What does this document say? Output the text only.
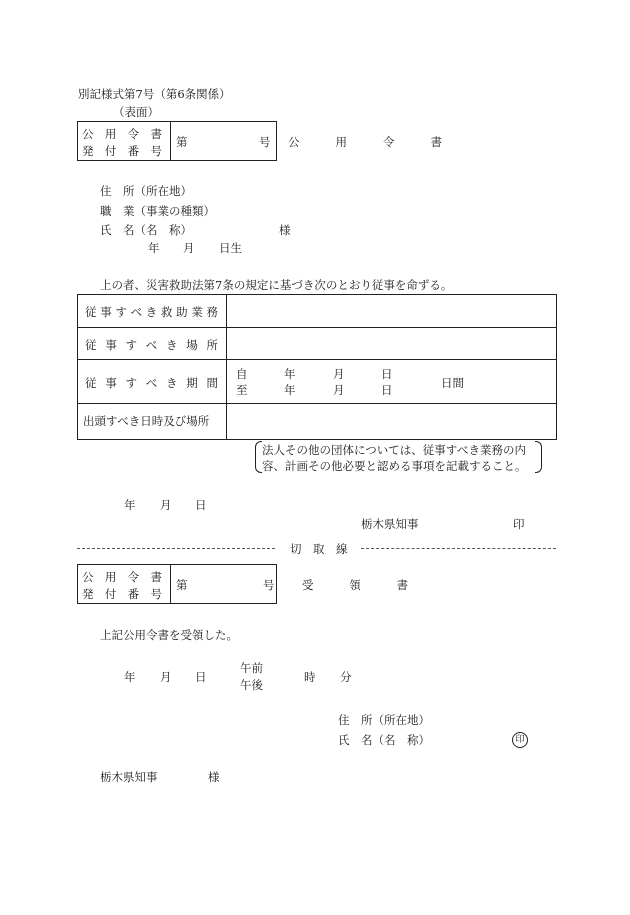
別記様式第7号（第6条関係）
（表面）
公 用 令 書
発 付 番 号
第	号 公	用	令	書
住　所（所在地）
職　業（事業の種類）
氏　名（名　称）	様
年 月 日生
上の者、災害救助法第7条の規定に基づき次のとおり従事を命ずる。
従 事 す べ き 救 助 業 務
従 事 す べ き 場 所
従 事 す べ き 期 間
自	年	月	日
至	年	月	日	日間
出頭すべき日時及び場所
法人その他の団体については、従事すべき業務の内
容、計画その他必要と認める事項を記載すること。
年 月 日
栃木県知事	印
切　取　線
公 用 令 書
発 付 番 号
第	号 受	領	書
上記公用令書を受領した。
年 月 日
午前
午後
時 分
住　所（所在地）
氏　名（名　称）	印
栃木県知事	様
